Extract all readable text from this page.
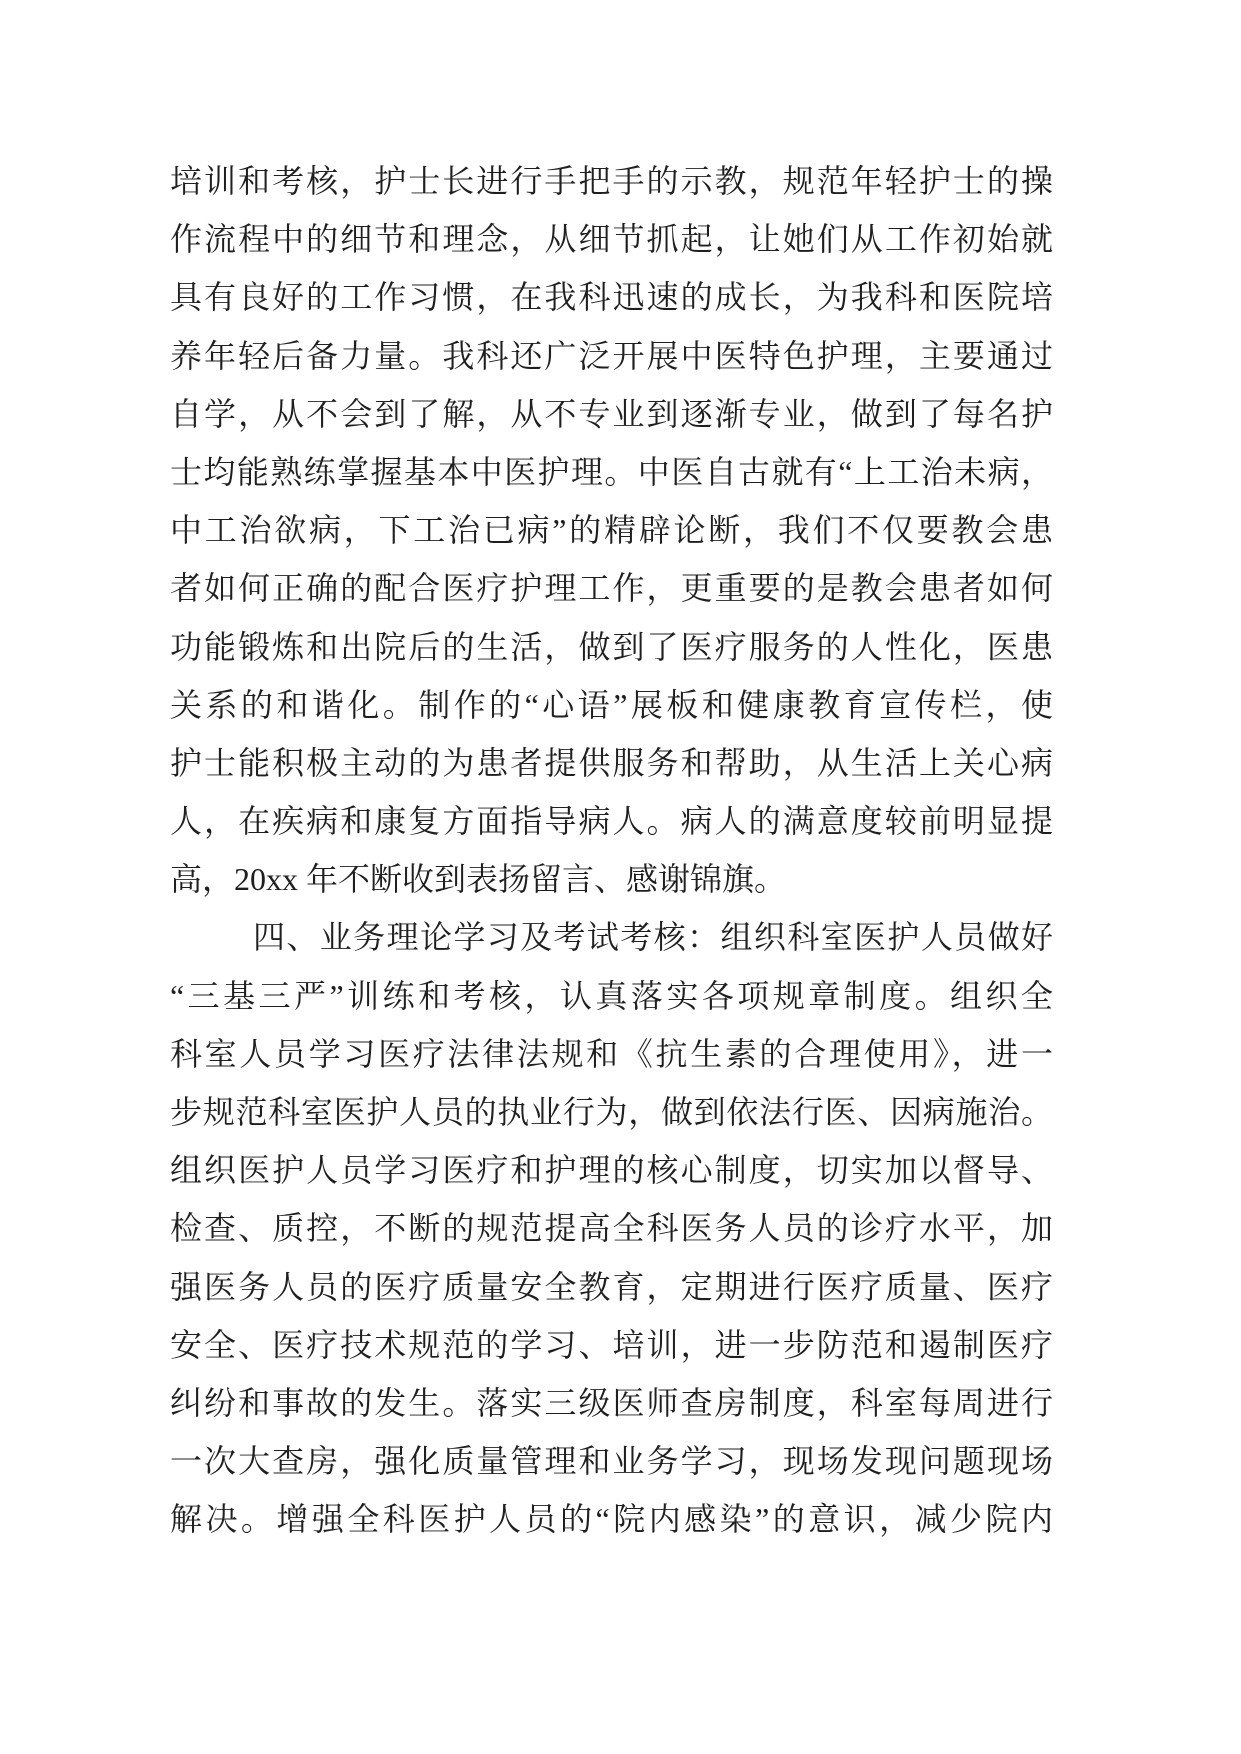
培训和考核，护士长进行手把手的示教，规范年轻护士的操
作流程中的细节和理念，从细节抓起，让她们从工作初始就
具有良好的工作习惯，在我科迅速的成长，为我科和医院培
养年轻后备力量。我科还广泛开展中医特色护理，主要通过
自学，从不会到了解，从不专业到逐渐专业，做到了每名护
士均能熟练掌握基本中医护理。中医自古就有“上工治未病，
中工治欲病，下工治已病”的精辟论断，我们不仅要教会患
者如何正确的配合医疗护理工作，更重要的是教会患者如何
功能锻炼和出院后的生活，做到了医疗服务的人性化，医患
关系的和谐化。制作的“心语”展板和健康教育宣传栏，使
护士能积极主动的为患者提供服务和帮助，从生活上关心病
人，在疾病和康复方面指导病人。病人的满意度较前明显提
高，20xx 年不断收到表扬留言、感谢锦旗。
四、业务理论学习及考试考核：组织科室医护人员做好
“三基三严”训练和考核，认真落实各项规章制度。组织全
科室人员学习医疗法律法规和《抗生素的合理使用》，进一
步规范科室医护人员的执业行为，做到依法行医、因病施治。
组织医护人员学习医疗和护理的核心制度，切实加以督导、
检查、质控，不断的规范提高全科医务人员的诊疗水平，加
强医务人员的医疗质量安全教育，定期进行医疗质量、医疗
安全、医疗技术规范的学习、培训，进一步防范和遏制医疗
纠纷和事故的发生。落实三级医师查房制度，科室每周进行
一次大查房，强化质量管理和业务学习，现场发现问题现场
解决。增强全科医护人员的“院内感染”的意识，减少院内
